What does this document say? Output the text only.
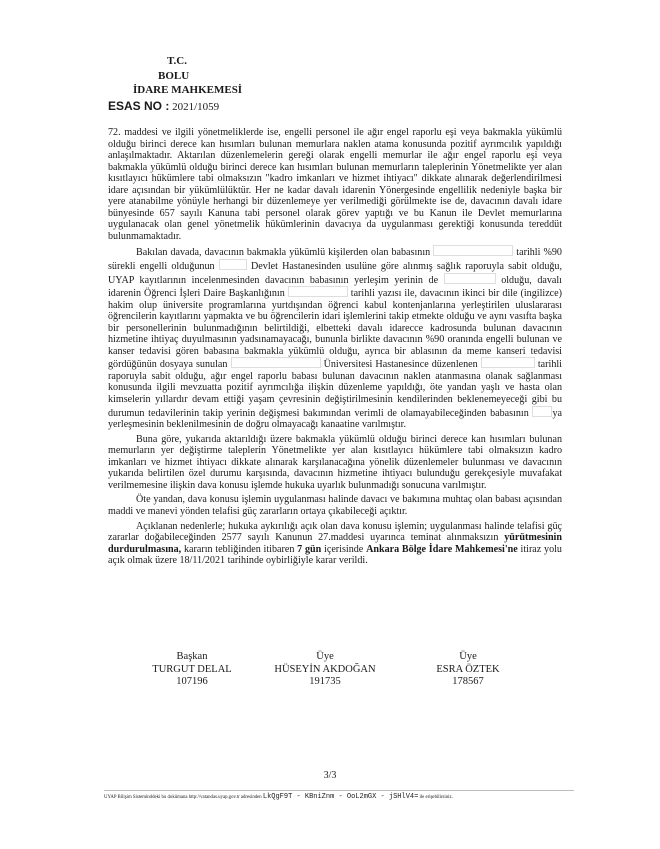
T.C.
BOLU
İDARE MAHKEMESİ
ESAS NO : 2021/1059

72. maddesi ve ilgili yönetmeliklerde ise, engelli personel ile ağır engel raporlu eşi veya bakmakla yükümlü olduğu birinci derece kan hısımları bulunan memurlara naklen atama konusunda pozitif ayrımcılık yapıldığı anlaşılmaktadır. Aktarılan düzenlemelerin gereği olarak engelli memurlar ile ağır engel raporlu eşi veya bakmakla yükümlü olduğu birinci derece kan hısımları bulunan memurların taleplerinin Yönetmelikte yer alan kısıtlayıcı hükümlere tabi olmaksızın "kadro imkanları ve hizmet ihtiyacı" dikkate alınarak değerlendirilmesi idare açısından bir yükümlülüktür. Her ne kadar davalı idarenin Yönergesinde engellilik nedeniyle başka bir yere atanabilme yönüyle herhangi bir düzenlemeye yer verilmediği görülmekte ise de, davacının davalı idare bünyesinde 657 sayılı Kanuna tabi personel olarak görev yaptığı ve bu Kanun ile Devlet memurlarına uygulanacak olan genel yönetmelik hükümlerinin davacıya da uygulanması gerektiği konusunda tereddüt bulunmamaktadır.

Bakılan davada, davacının bakmakla yükümlü kişilerden olan babasının	tarihli %90 sürekli engelli olduğunun	Devlet Hastanesinden usulüne göre alınmış sağlık raporuyla sabit olduğu, UYAP kayıtlarının incelenmesinden davacının babasının yerleşim yerinin de	olduğu, davalı idarenin Öğrenci İşleri Daire Başkanlığının	tarihli yazısı ile, davacının ikinci bir dile (ingilizce) hakim olup üniversite programlarına yurtdışından öğrenci kabul kontenjanlarına yerleştirilen uluslararası öğrencilerin kayıtlarını yapmakta ve bu öğrencilerin idari işlemlerini takip etmekte olduğu ve aynı vasıfta başka bir personellerinin bulunmadığının belirtildiği, elbetteki davalı idarecce kadrosunda bulunan davacının hizmetine ihtiyaç duyulmasının yadsınamayacağı, bununla birlikte davacının %90 oranında engelli bulunan ve kanser tedavisi gören babasına bakmakla yükümlü olduğu, ayrıca bir ablasının da meme kanseri tedavisi gördüğünün dosyaya sunulan	Üniversitesi Hastanesince düzenlenen	tarihli raporuyla sabit olduğu, ağır engel raporlu babası bulunan davacının naklen atanmasına olanak sağlanması konusunda ilgili mevzuatta pozitif ayrımcılığa ilişkin düzenleme yapıldığı, öte yandan yaşlı ve hasta olan kimselerin yıllardır devam ettiği yaşam çevresinin değiştirilmesinin kendilerinden beklenemeyeceği gibi bu durumun tedavilerinin takip yerinin değişmesi bakımından verimli de olamayabileceğinden babasının ya yerleşmesinin beklenilmesinin de doğru olmayacağı kanaatine varılmıştır.

Buna göre, yukarıda aktarıldığı üzere bakmakla yükümlü olduğu birinci derece kan hısımları bulunan memurların yer değiştirme taleplerin Yönetmelikte yer alan kısıtlayıcı hükümlere tabi olmaksızın kadro imkanları ve hizmet ihtiyacı dikkate alınarak karşılanacağına yönelik düzenlemeler bulunması ve davacının yukarıda belirtilen özel durumu karşısında, davacının hizmetine ihtiyacı bulunduğu gerekçesiyle muvafakat verilmemesine ilişkin dava konusu işlemde hukuka uyarlık bulunmadığı sonucuna varılmıştır.

Öte yandan, dava konusu işlemin uygulanması halinde davacı ve bakımına muhtaç olan babası açısından maddi ve manevi yönden telafisi güç zararların ortaya çıkabileceği açıktır.

Açıklanan nedenlerle; hukuka aykırılığı açık olan dava konusu işlemin; uygulanması halinde telafisi güç zararlar doğabileceğinden 2577 sayılı Kanunun 27.maddesi uyarınca teminat alınmaksızın yürütmesinin durdurulmasına, kararın tebliğinden itibaren 7 gün içerisinde Ankara Bölge İdare Mahkemesi'ne itiraz yolu açık olmak üzere 18/11/2021 tarihinde oybirliğiyle karar verildi.

Başkan
TURGUT DELAL
107196
Üye
HÜSEYİN AKDOĞAN
191735
Üye
ESRA ÖZTEK
178567
3/3
UYAP Bilişim Sisteminddeki bu dokümana http://vatandas.uyap.gov.tr adresinden LkQgF9T - KBniZnm - OoL2mGX - jSHlV4= ile erişebilirsiniz.
